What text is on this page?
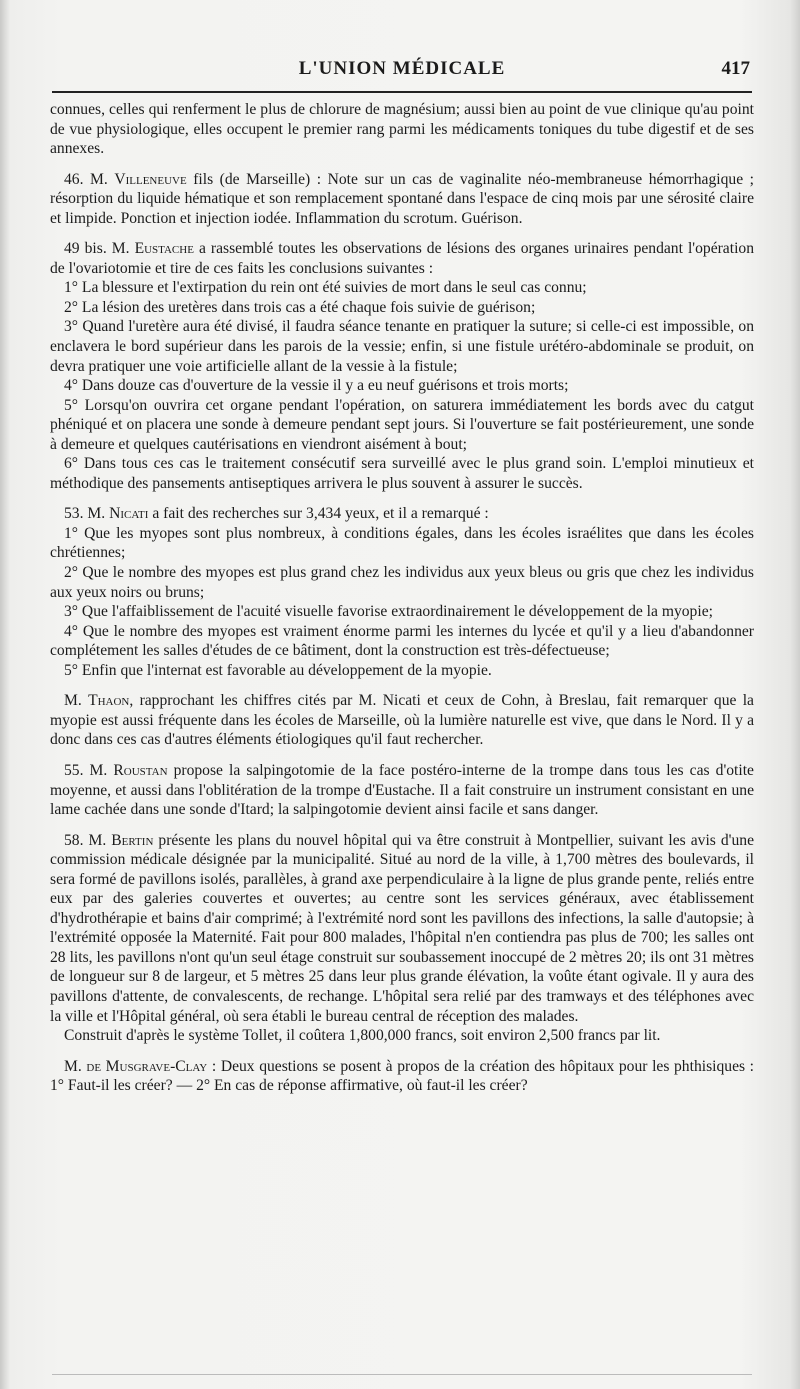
L'UNION MÉDICALE	417

connues, celles qui renferment le plus de chlorure de magnésium; aussi bien au point de vue clinique qu'au point de vue physiologique, elles occupent le premier rang parmi les médicaments toniques du tube digestif et de ses annexes.

46. M. Villeneuve fils (de Marseille) : Note sur un cas de vaginalite néo-membraneuse hémorrhagique ; résorption du liquide hématique et son remplacement spontané dans l'espace de cinq mois par une sérosité claire et limpide. Ponction et injection iodée. Inflammation du scrotum. Guérison.

49 bis. M. Eustache a rassemblé toutes les observations de lésions des organes urinaires pendant l'opération de l'ovariotomie et tire de ces faits les conclusions suivantes :

1° La blessure et l'extirpation du rein ont été suivies de mort dans le seul cas connu;

2° La lésion des uretères dans trois cas a été chaque fois suivie de guérison;

3° Quand l'uretère aura été divisé, il faudra séance tenante en pratiquer la suture; si celle-ci est impossible, on enclavera le bord supérieur dans les parois de la vessie; enfin, si une fistule urétéro-abdominale se produit, on devra pratiquer une voie artificielle allant de la vessie à la fistule;

4° Dans douze cas d'ouverture de la vessie il y a eu neuf guérisons et trois morts;

5° Lorsqu'on ouvrira cet organe pendant l'opération, on saturera immédiatement les bords avec du catgut phéniqué et on placera une sonde à demeure pendant sept jours. Si l'ouverture se fait postérieurement, une sonde à demeure et quelques cautérisations en viendront aisément à bout;

6° Dans tous ces cas le traitement consécutif sera surveillé avec le plus grand soin. L'emploi minutieux et méthodique des pansements antiseptiques arrivera le plus souvent à assurer le succès.

53. M. Nicati a fait des recherches sur 3,434 yeux, et il a remarqué :

1° Que les myopes sont plus nombreux, à conditions égales, dans les écoles israélites que dans les écoles chrétiennes;

2° Que le nombre des myopes est plus grand chez les individus aux yeux bleus ou gris que chez les individus aux yeux noirs ou bruns;

3° Que l'affaiblissement de l'acuité visuelle favorise extraordinairement le développement de la myopie;

4° Que le nombre des myopes est vraiment énorme parmi les internes du lycée et qu'il y a lieu d'abandonner complétement les salles d'études de ce bâtiment, dont la construction est très-défectueuse;

5° Enfin que l'internat est favorable au développement de la myopie.

M. Thaon, rapprochant les chiffres cités par M. Nicati et ceux de Cohn, à Breslau, fait remarquer que la myopie est aussi fréquente dans les écoles de Marseille, où la lumière naturelle est vive, que dans le Nord. Il y a donc dans ces cas d'autres éléments étiologiques qu'il faut rechercher.

55. M. Roustan propose la salpingotomie de la face postéro-interne de la trompe dans tous les cas d'otite moyenne, et aussi dans l'oblitération de la trompe d'Eustache. Il a fait construire un instrument consistant en une lame cachée dans une sonde d'Itard; la salpingotomie devient ainsi facile et sans danger.

58. M. Bertin présente les plans du nouvel hôpital qui va être construit à Montpellier, suivant les avis d'une commission médicale désignée par la municipalité. Situé au nord de la ville, à 1,700 mètres des boulevards, il sera formé de pavillons isolés, parallèles, à grand axe perpendiculaire à la ligne de plus grande pente, reliés entre eux par des galeries couvertes et ouvertes; au centre sont les services généraux, avec établissement d'hydrothérapie et bains d'air comprimé; à l'extrémité nord sont les pavillons des infections, la salle d'autopsie; à l'extrémité opposée la Maternité. Fait pour 800 malades, l'hôpital n'en contiendra pas plus de 700; les salles ont 28 lits, les pavillons n'ont qu'un seul étage construit sur soubassement inoccupé de 2 mètres 20; ils ont 31 mètres de longueur sur 8 de largeur, et 5 mètres 25 dans leur plus grande élévation, la voûte étant ogivale. Il y aura des pavillons d'attente, de convalescents, de rechange. L'hôpital sera relié par des tramways et des téléphones avec la ville et l'Hôpital général, où sera établi le bureau central de réception des malades.

Construit d'après le système Tollet, il coûtera 1,800,000 francs, soit environ 2,500 francs par lit.

M. de Musgrave-Clay : Deux questions se posent à propos de la création des hôpitaux pour les phthisiques : 1° Faut-il les créer? — 2° En cas de réponse affirmative, où faut-il les créer?
